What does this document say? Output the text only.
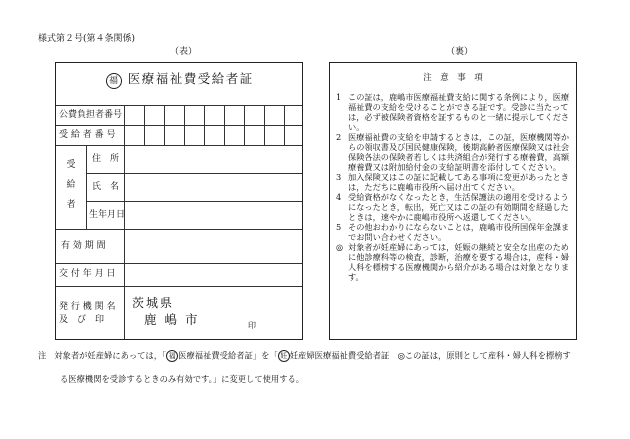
様式第２号(第４条関係)
（表）	（裏）
福 医療福祉費受給者証
公費負担者番号
受 給 者 番 号
受 給 者
住　所
氏　名
生年月日
有 効 期 間
交 付 年 月 日
発 行 機 関 名
及　び　印
茨城県
鹿 嶋 市	印
注　意　事　項
1 この証は，鹿嶋市医療福祉費支給に関する条例により，医療福祉費の支給を受けることができる証です。受診に当たっては，必ず被保険者資格を証するものと一緒に提示してください。
2 医療福祉費の支給を申請するときは，この証，医療機関等からの領収書及び国民健康保険，後期高齢者医療保険又は社会保険各法の保険者若しくは共済組合が発行する療養費，高額療養費又は附加給付金の支給証明書を添付してください。
3 加入保険又はこの証に記載してある事項に変更があったときは，ただちに鹿嶋市役所へ届け出てください。
4 受給資格がなくなったとき，生活保護法の適用を受けるようになったとき，転出，死亡又はこの証の有効期間を経過したときは，速やかに鹿嶋市役所へ返還してください。
5 その他おわかりにならないことは，鹿嶋市役所国保年金課までお問い合わせください。
◎ 対象者が妊産婦にあっては，妊娠の継続と安全な出産のために他診療科等の検査，診断，治療を要する場合は，産科・婦人科を標榜する医療機関から紹介がある場合は対象となります。
注 対象者が妊産婦にあっては，「 福 医療福祉費受給者証」を「 妊 妊産婦医療福祉費受給者証　◎この証は，原則として産科・婦人科を標榜す
る医療機関を受診するときのみ有効です。」に変更して使用する。
